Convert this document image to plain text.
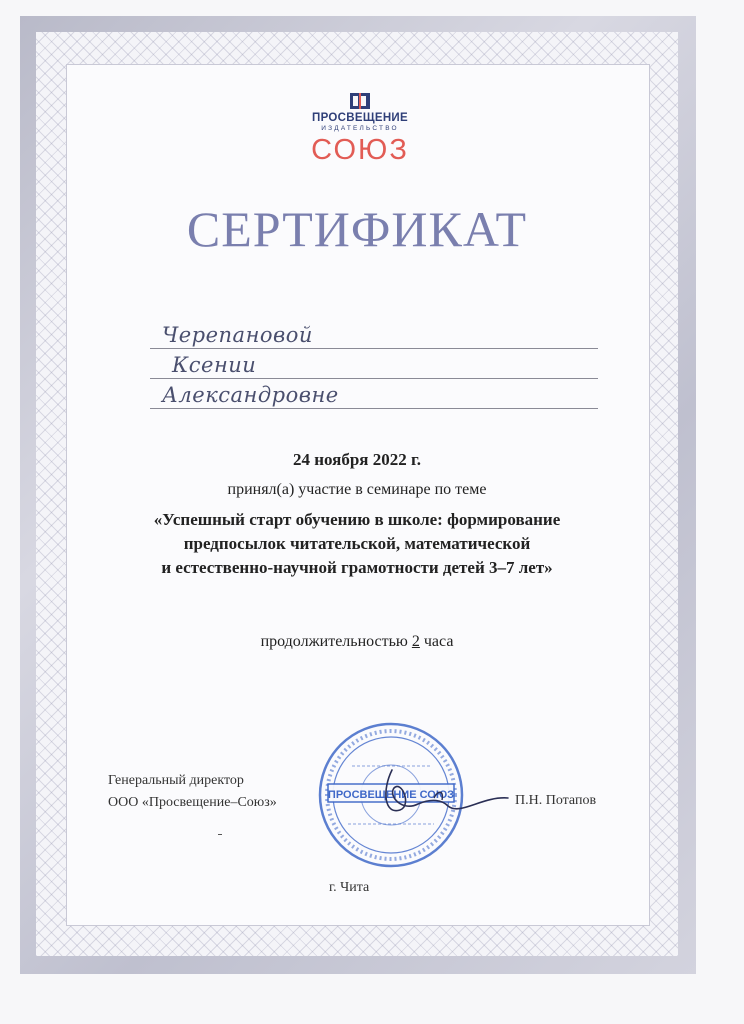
ПРОСВЕЩЕНИЕ
ИЗДАТЕЛЬСТВО
СОЮЗ
СЕРТИФИКАТ
Черепановой
Ксении
Александровне
24 ноября 2022 г.
принял(а) участие в семинаре по теме
«Успешный старт обучению в школе: формирование
предпосылок читательской, математической
и естественно-научной грамотности детей 3–7 лет»
продолжительностью 2 часа
Генеральный директор
ООО «Просвещение–Союз»	ПРОСВЕЩЕНИЕ СОЮЗ	П.Н. Потапов
г. Чита
